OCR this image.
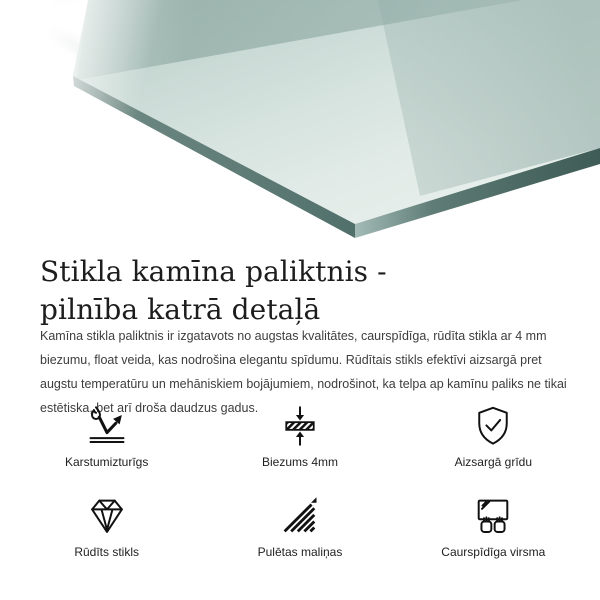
Stikla kamīna paliktnis -
pilnība katrā detaļā

Kamīna stikla paliktnis ir izgatavots no augstas kvalitātes, caurspīdīga, rūdīta stikla ar 4 mm biezumu, float veida, kas nodrošina elegantu spīdumu. Rūdītais stikls efektīvi aizsargā pret augstu temperatūru un mehāniskiem bojājumiem, nodrošinot, ka telpa ap kamīnu paliks ne tikai estētiska, bet arī droša daudzus gadus.

Karstumizturīgs	Biezums 4mm	Aizsargā grīdu
Rūdīts stikls	Pulētas maliņas	Caurspīdīga virsma
